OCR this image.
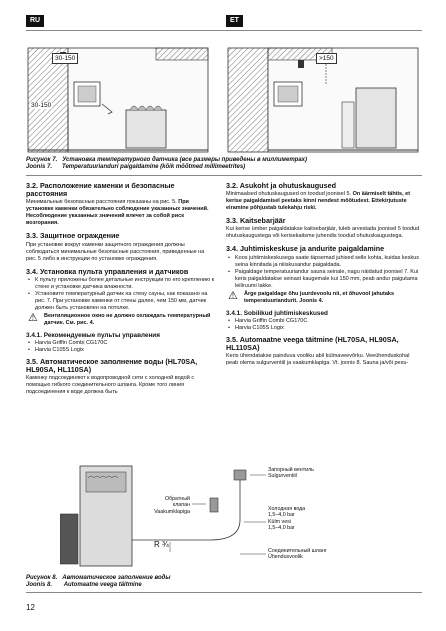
RU	ET
30-150
30-150
>150
Рисунок 7. Установка температурного датчика (все размеры приведены в миллиметрах)
Joonis 7. Temperatuurianduri paigaldamine (kõik mõõtmed millimeetrites)
3.2. Расположение каменки и безопасные расстояния
Минимальные безопасные расстояния показаны на рис. 5. При установке каменки обязательно соблюдение указанных значений. Несоблюдение указанных значений влечет за собой риск возгорания.
3.3. Защитное ограждение
При установке вокруг каменки защитного ограждения должны соблюдаться минимальные безопасные расстояния, приведенные на рис. 5 либо в инструкции по установке ограждения.
3.4. Установка пульта управления и датчиков
• К пульту приложены более детальные инструкции по его креплению к стене и установке датчика влажности.
• Установите температурный датчик на стену сауны, как показано на рис. 7. При установке каменки от стены далее, чем 150 мм, датчик должен быть установлен на потолке.
⚠ Вентиляционное окно не должно охлаждать температурный датчик. См. рис. 4.
3.4.1. Рекомендуемые пульты управления
• Harvia Griffin Combi CG170C
• Harvia C105S Logix
3.5. Автоматическое заполнение воды (HL70SA, HL90SA, HL110SA)
Каменку подсоединяют к водопроводной сети с холодной водой с помощью гибкого соединительного шланга. Кроме того линия подсоединения к воде должна быть
3.2. Asukoht ja ohutuskaugused
Minimaalsed ohutuskaugused on toodud joonisel 5. On äärmiselt tähtis, et kerise paigaldamisel peetaks kinni nendest mõõtudest. Ettekirjutuste eiramine põhjustab tulekahju riski.
3.3. Kaitsebarjäär
Kui kerise ümber paigaldatakse kaitsebarjäär, tuleb arvestada joonisel 5 toodud ohutuskaugustega või kerisekaitsme juhendis toodud ohutuskaugustega.
3.4. Juhtimiskeskuse ja andurite paigaldamine
• Koos juhtimiskeskusega saate täpsemad juhised selle kohta, kuidas keskus seina kinnitada ja niiiskusandur paigaldada.
• Paigaldage temperatuuriandur sauna seinale, nagu näidatud joonisel 7. Kui keris paigaldatakse seinast kaugemale kui 150 mm, peab andur paigutama leiliruumi lakke.
⚠ Ärge paigaldage õhu juurdevoolu nii, et õhuvool jahutaks temperatuuriandurit. Joonis 4.
3.4.1. Sobilikud juhtimiskeskused
• Harvia Griffin Combi CG170C
• Harvia C105S Logix
3.5. Automaatne veega täitmine (HL70SA, HL90SA, HL110SA)
Keris ühendatakse painduva vooliku abil külmaveevõrku. Veeühenduskohal peab olema sulgurventiil ja vaakumklapiga. Vt. joonis 8. Sauna ja/või pesu-
Запорный вентиль
Sulgurventiil
Обратный клапан
Vaakumklapiga	Холодная вода
1,5–4,0 bar
Külm vesi
1,5–4,0 bar
R ¾
Соединительный шланг
Ühendusvoolik
Рисунок 8. Автоматическое заполнение воды
Joonis 8. Automaatne veega täitmine
12
